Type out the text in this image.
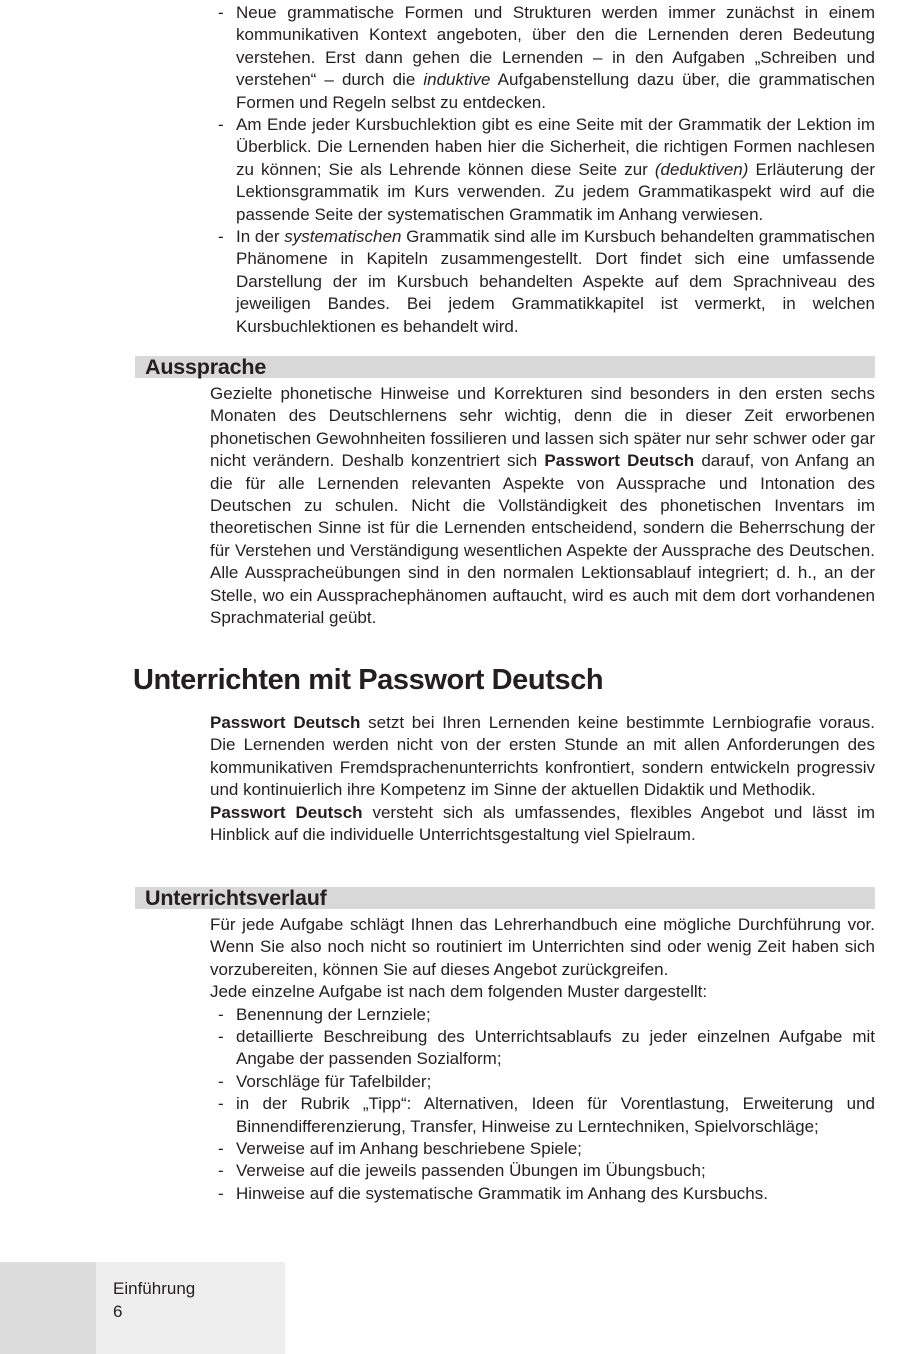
- Neue grammatische Formen und Strukturen werden immer zunächst in einem kommunikativen Kontext angeboten, über den die Lernenden deren Bedeutung verstehen. Erst dann gehen die Lernenden – in den Aufgaben „Schreiben und verstehen“ – durch die induktive Aufgabenstellung dazu über, die grammatischen Formen und Regeln selbst zu entdecken.
- Am Ende jeder Kursbuchlektion gibt es eine Seite mit der Grammatik der Lektion im Überblick. Die Lernenden haben hier die Sicherheit, die richtigen Formen nachlesen zu können; Sie als Lehrende können diese Seite zur (deduktiven) Erläuterung der Lektionsgrammatik im Kurs verwenden. Zu jedem Grammatikaspekt wird auf die passende Seite der systematischen Grammatik im Anhang verwiesen.
- In der systematischen Grammatik sind alle im Kursbuch behandelten grammatischen Phänomene in Kapiteln zusammengestellt. Dort findet sich eine umfassende Darstellung der im Kursbuch behandelten Aspekte auf dem Sprachniveau des jeweiligen Bandes. Bei jedem Grammatikkapitel ist vermerkt, in welchen Kursbuchlektionen es behandelt wird.
Aussprache

Gezielte phonetische Hinweise und Korrekturen sind besonders in den ersten sechs Monaten des Deutschlernens sehr wichtig, denn die in dieser Zeit erworbenen phonetischen Gewohnheiten fossilieren und lassen sich später nur sehr schwer oder gar nicht verändern. Deshalb konzentriert sich Passwort Deutsch darauf, von Anfang an die für alle Lernenden relevanten Aspekte von Aussprache und Intonation des Deutschen zu schulen. Nicht die Vollständigkeit des phonetischen Inventars im theoretischen Sinne ist für die Lernenden entscheidend, sondern die Beherrschung der für Verstehen und Verständigung wesentlichen Aspekte der Aussprache des Deutschen. Alle Ausspracheübungen sind in den normalen Lektionsablauf integriert; d. h., an der Stelle, wo ein Aussprachephänomen auftaucht, wird es auch mit dem dort vorhandenen Sprachmaterial geübt.

Unterrichten mit Passwort Deutsch

Passwort Deutsch setzt bei Ihren Lernenden keine bestimmte Lernbiografie voraus. Die Lernenden werden nicht von der ersten Stunde an mit allen Anforderungen des kommunikativen Fremdsprachenunterrichts konfrontiert, sondern entwickeln progressiv und kontinuierlich ihre Kompetenz im Sinne der aktuellen Didaktik und Methodik.

Passwort Deutsch versteht sich als umfassendes, flexibles Angebot und lässt im Hinblick auf die individuelle Unterrichtsgestaltung viel Spielraum.

Unterrichtsverlauf

Für jede Aufgabe schlägt Ihnen das Lehrerhandbuch eine mögliche Durchführung vor. Wenn Sie also noch nicht so routiniert im Unterrichten sind oder wenig Zeit haben sich vorzubereiten, können Sie auf dieses Angebot zurückgreifen.

Jede einzelne Aufgabe ist nach dem folgenden Muster dargestellt:

- Benennung der Lernziele;
- detaillierte Beschreibung des Unterrichtsablaufs zu jeder einzelnen Aufgabe mit Angabe der passenden Sozialform;
- Vorschläge für Tafelbilder;
- in der Rubrik „Tipp“: Alternativen, Ideen für Vorentlastung, Erweiterung und Binnendifferenzierung, Transfer, Hinweise zu Lerntechniken, Spielvorschläge;
- Verweise auf im Anhang beschriebene Spiele;
- Verweise auf die jeweils passenden Übungen im Übungsbuch;
- Hinweise auf die systematische Grammatik im Anhang des Kursbuchs.
Einführung
6
